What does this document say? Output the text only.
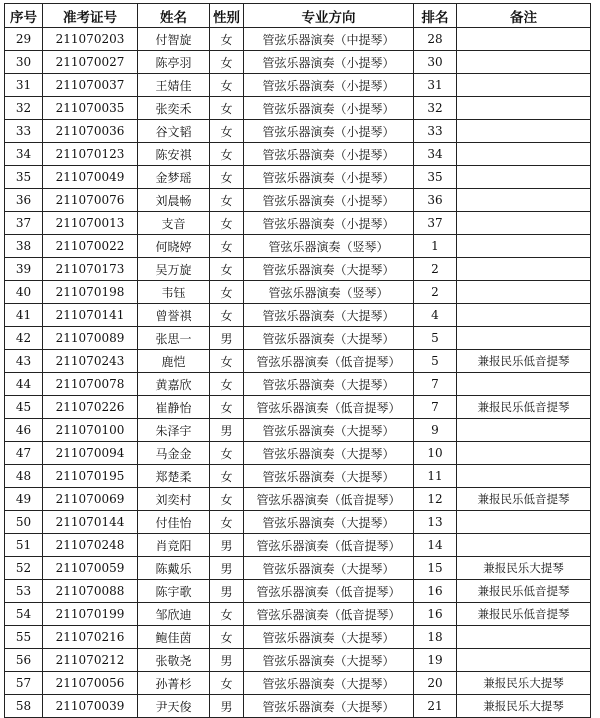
序号	准考证号	姓名	性别	专业方向	排名	备注
29	211070203	付智旋	女	管弦乐器演奏（中提琴）	28	
30	211070027	陈亭羽	女	管弦乐器演奏（小提琴）	30	
31	211070037	王婧佳	女	管弦乐器演奏（小提琴）	31	
32	211070035	张奕禾	女	管弦乐器演奏（小提琴）	32	
33	211070036	谷文韬	女	管弦乐器演奏（小提琴）	33	
34	211070123	陈安祺	女	管弦乐器演奏（小提琴）	34	
35	211070049	金梦瑶	女	管弦乐器演奏（小提琴）	35	
36	211070076	刘晨畅	女	管弦乐器演奏（小提琴）	36	
37	211070013	支音	女	管弦乐器演奏（小提琴）	37	
38	211070022	何晓婷	女	管弦乐器演奏（竖琴）	1	
39	211070173	吴万旋	女	管弦乐器演奏（大提琴）	2	
40	211070198	韦钰	女	管弦乐器演奏（竖琴）	2	
41	211070141	曾誉祺	女	管弦乐器演奏（大提琴）	4	
42	211070089	张思一	男	管弦乐器演奏（大提琴）	5	
43	211070243	鹿恺	女	管弦乐器演奏（低音提琴）	5	兼报民乐低音提琴
44	211070078	黄嘉欣	女	管弦乐器演奏（大提琴）	7	
45	211070226	崔静怡	女	管弦乐器演奏（低音提琴）	7	兼报民乐低音提琴
46	211070100	朱泽宇	男	管弦乐器演奏（大提琴）	9	
47	211070094	马金金	女	管弦乐器演奏（大提琴）	10	
48	211070195	郑楚柔	女	管弦乐器演奏（大提琴）	11	
49	211070069	刘奕村	女	管弦乐器演奏（低音提琴）	12	兼报民乐低音提琴
50	211070144	付佳怡	女	管弦乐器演奏（大提琴）	13	
51	211070248	肖竞阳	男	管弦乐器演奏（低音提琴）	14	
52	211070059	陈戴乐	男	管弦乐器演奏（大提琴）	15	兼报民乐大提琴
53	211070088	陈宇歌	男	管弦乐器演奏（低音提琴）	16	兼报民乐低音提琴
54	211070199	邹欣迪	女	管弦乐器演奏（低音提琴）	16	兼报民乐低音提琴
55	211070216	鲍佳茵	女	管弦乐器演奏（大提琴）	18	
56	211070212	张敬尧	男	管弦乐器演奏（大提琴）	19	
57	211070056	孙菁杉	女	管弦乐器演奏（大提琴）	20	兼报民乐大提琴
58	211070039	尹天俊	男	管弦乐器演奏（大提琴）	21	兼报民乐大提琴
